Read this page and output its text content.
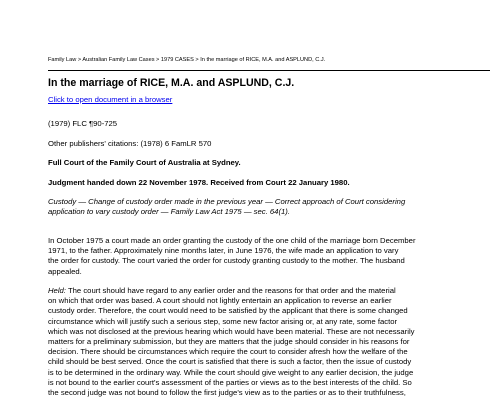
Family Law > Australian Family Law Cases > 1979 CASES > In the marriage of RICE, M.A. and ASPLUND, C.J.
In the marriage of RICE, M.A. and ASPLUND, C.J.
Click to open document in a browser
(1979) FLC ¶90-725
Other publishers' citations: (1978) 6 FamLR 570
Full Court of the Family Court of Australia at Sydney.
Judgment handed down 22 November 1978. Received from Court 22 January 1980.
Custody — Change of custody order made in the previous year — Correct approach of Court considering
application to vary custody order — Family Law Act 1975 — sec. 64(1).
In October 1975 a court made an order granting the custody of the one child of the marriage born December
1971, to the father. Approximately nine months later, in June 1976, the wife made an application to vary
the order for custody. The court varied the order for custody granting custody to the mother. The husband
appealed.
Held: The court should have regard to any earlier order and the reasons for that order and the material
on which that order was based. A court should not lightly entertain an application to reverse an earlier
custody order. Therefore, the court would need to be satisfied by the applicant that there is some changed
circumstance which will justify such a serious step, some new factor arising or, at any rate, some factor
which was not disclosed at the previous hearing which would have been material. These are not necessarily
matters for a preliminary submission, but they are matters that the judge should consider in his reasons for
decision. There should be circumstances which require the court to consider afresh how the welfare of the
child should be best served. Once the court is satisfied that there is such a factor, then the issue of custody
is to be determined in the ordinary way. While the court should give weight to any earlier decision, the judge
is not bound to the earlier court's assessment of the parties or views as to the best interests of the child. So
the second judge was not bound to follow the first judge's view as to the parties or as to their truthfulness,
